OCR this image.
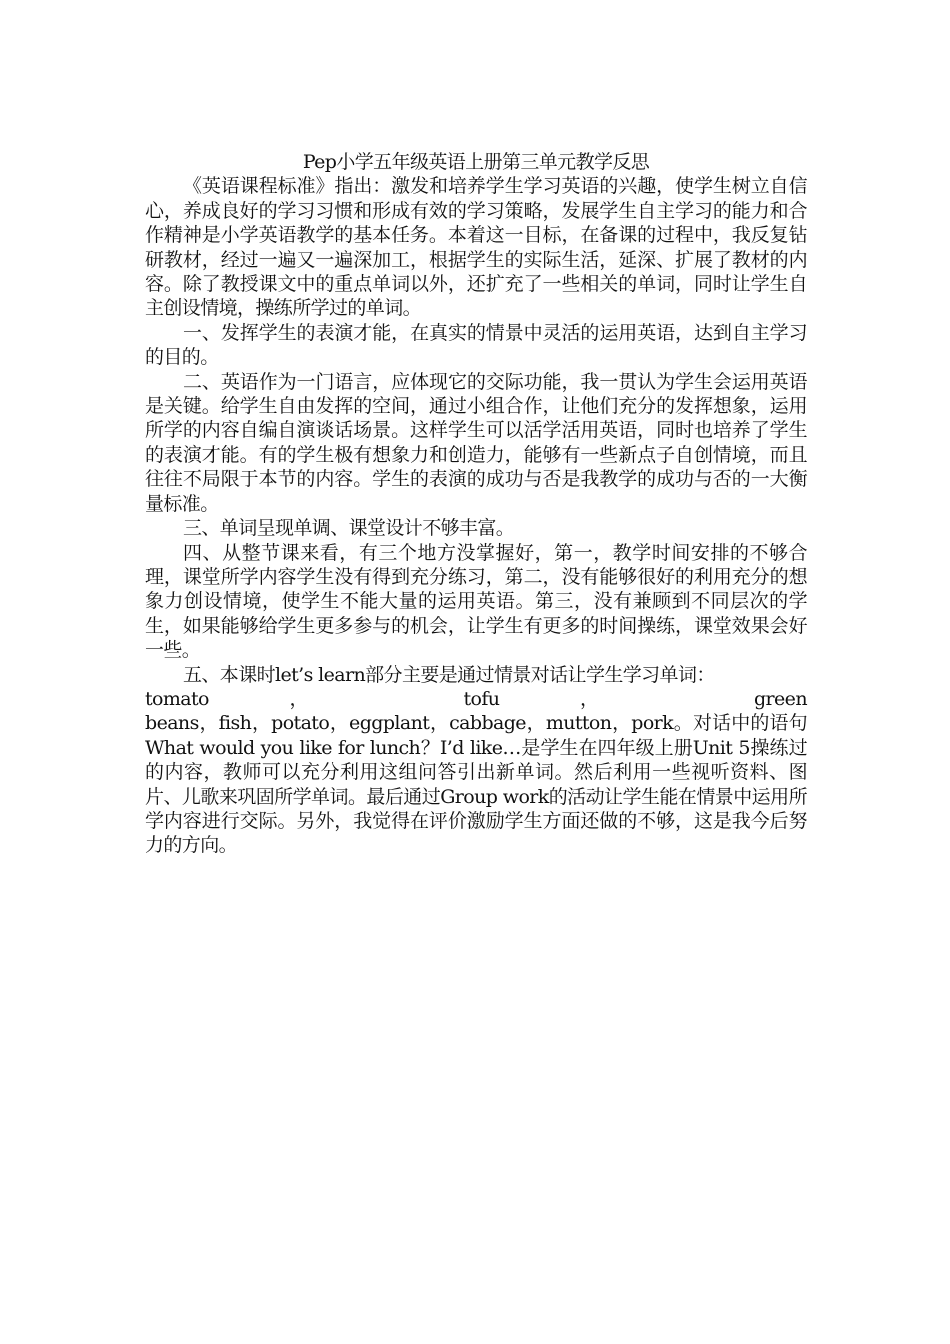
Pep小学五年级英语上册第三单元教学反思

《英语课程标准》指出：激发和培养学生学习英语的兴趣，使学生树立自信心，养成良好的学习习惯和形成有效的学习策略，发展学生自主学习的能力和合作精神是小学英语教学的基本任务。本着这一目标，在备课的过程中，我反复钻研教材，经过一遍又一遍深加工，根据学生的实际生活，延深、扩展了教材的内容。除了教授课文中的重点单词以外，还扩充了一些相关的单词，同时让学生自主创设情境，操练所学过的单词。

一、发挥学生的表演才能，在真实的情景中灵活的运用英语，达到自主学习的目的。

二、英语作为一门语言，应体现它的交际功能，我一贯认为学生会运用英语是关键。给学生自由发挥的空间，通过小组合作，让他们充分的发挥想象，运用所学的内容自编自演谈话场景。这样学生可以活学活用英语，同时也培养了学生的表演才能。有的学生极有想象力和创造力，能够有一些新点子自创情境，而且往往不局限于本节的内容。学生的表演的成功与否是我教学的成功与否的一大衡量标准。

三、单词呈现单调、课堂设计不够丰富。

四、从整节课来看，有三个地方没掌握好，第一，教学时间安排的不够合理，课堂所学内容学生没有得到充分练习，第二，没有能够很好的利用充分的想象力创设情境，使学生不能大量的运用英语。第三，没有兼顾到不同层次的学生，如果能够给学生更多参与的机会，让学生有更多的时间操练，课堂效果会好一些。

五、本课时let’s learn部分主要是通过情景对话让学生学习单词：

tomato	，	tofu	，	green

beans，fish，potato，eggplant，cabbage，mutton，pork。对话中的语句What would you like for lunch？I’d like…是学生在四年级上册Unit 5操练过的内容，教师可以充分利用这组问答引出新单词。然后利用一些视听资料、图片、儿歌来巩固所学单词。最后通过Group work的活动让学生能在情景中运用所学内容进行交际。另外，我觉得在评价激励学生方面还做的不够，这是我今后努力的方向。
